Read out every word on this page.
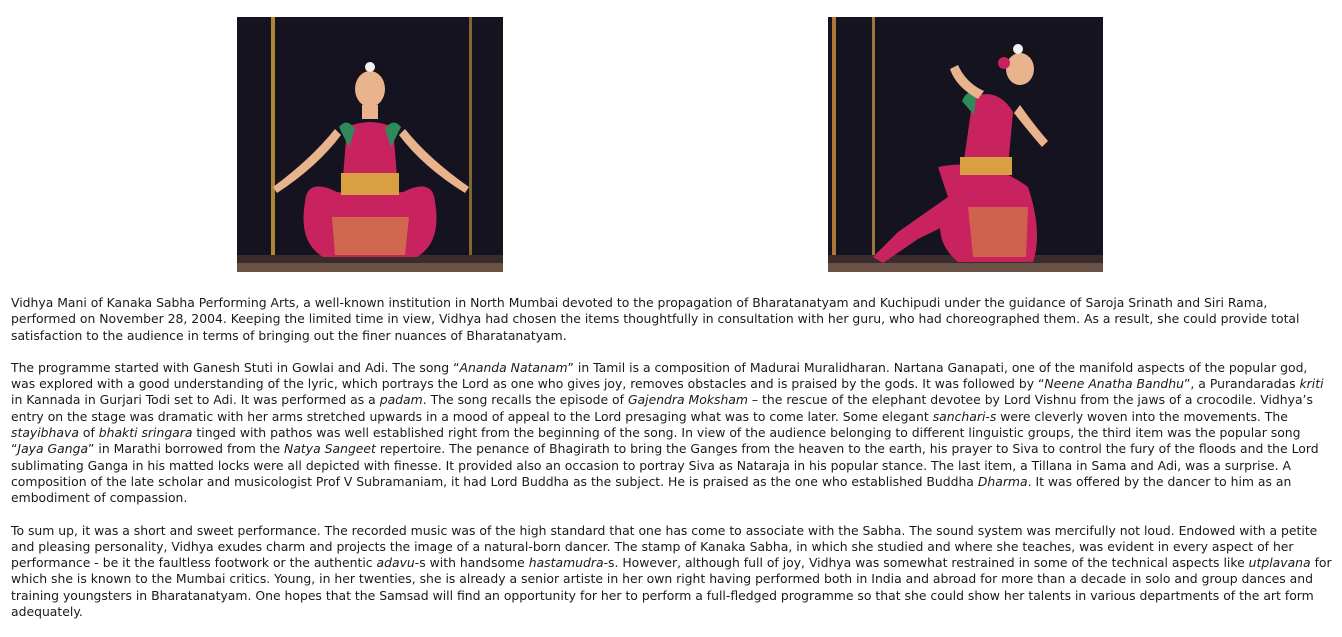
Vidhya Mani of Kanaka Sabha Performing Arts, a well-known institution in North Mumbai devoted to the propagation of Bharatanatyam and Kuchipudi under the guidance of Saroja Srinath and Siri Rama, performed on November 28, 2004. Keeping the limited time in view, Vidhya had chosen the items thoughtfully in consultation with her guru, who had choreographed them. As a result, she could provide total satisfaction to the audience in terms of bringing out the finer nuances of Bharatanatyam.

The programme started with Ganesh Stuti in Gowlai and Adi. The song “Ananda Natanam” in Tamil is a composition of Madurai Muralidharan. Nartana Ganapati, one of the manifold aspects of the popular god, was explored with a good understanding of the lyric, which portrays the Lord as one who gives joy, removes obstacles and is praised by the gods. It was followed by “Neene Anatha Bandhu”, a Purandaradas kriti in Kannada in Gurjari Todi set to Adi. It was performed as a padam. The song recalls the episode of Gajendra Moksham – the rescue of the elephant devotee by Lord Vishnu from the jaws of a crocodile. Vidhya’s entry on the stage was dramatic with her arms stretched upwards in a mood of appeal to the Lord presaging what was to come later. Some elegant sanchari-s were cleverly woven into the movements. The stayibhava of bhakti sringara tinged with pathos was well established right from the beginning of the song. In view of the audience belonging to different linguistic groups, the third item was the popular song “Jaya Ganga” in Marathi borrowed from the Natya Sangeet repertoire. The penance of Bhagirath to bring the Ganges from the heaven to the earth, his prayer to Siva to control the fury of the floods and the Lord sublimating Ganga in his matted locks were all depicted with finesse. It provided also an occasion to portray Siva as Nataraja in his popular stance. The last item, a Tillana in Sama and Adi, was a surprise. A composition of the late scholar and musicologist Prof V Subramaniam, it had Lord Buddha as the subject. He is praised as the one who established Buddha Dharma. It was offered by the dancer to him as an embodiment of compassion.

To sum up, it was a short and sweet performance. The recorded music was of the high standard that one has come to associate with the Sabha. The sound system was mercifully not loud. Endowed with a petite and pleasing personality, Vidhya exudes charm and projects the image of a natural-born dancer. The stamp of Kanaka Sabha, in which she studied and where she teaches, was evident in every aspect of her performance - be it the faultless footwork or the authentic adavu-s with handsome hastamudra-s. However, although full of joy, Vidhya was somewhat restrained in some of the technical aspects like utplavana for which she is known to the Mumbai critics. Young, in her twenties, she is already a senior artiste in her own right having performed both in India and abroad for more than a decade in solo and group dances and training youngsters in Bharatanatyam. One hopes that the Samsad will find an opportunity for her to perform a full-fledged programme so that she could show her talents in various departments of the art form adequately.
